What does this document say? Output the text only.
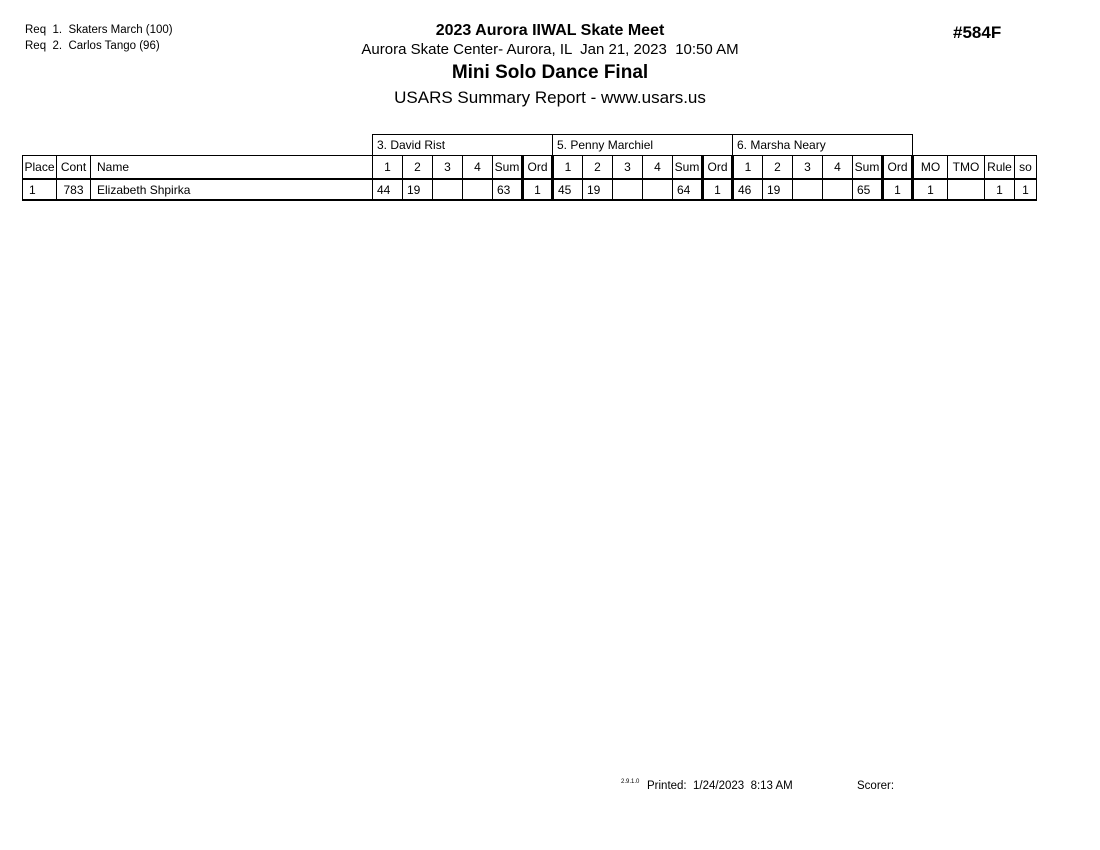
Req  1.  Skaters March (100)
Req  2.  Carlos Tango (96)
2023 Aurora IIWAL Skate Meet
Aurora Skate Center- Aurora, IL  Jan 21, 2023  10:50 AM
Mini Solo Dance Final
USARS Summary Report - www.usars.us
#584F
			3. David Rist						5. Penny Marchiel						6. Marsha Neary									
Place	Cont	Name	1	2	3	4	Sum	Ord	1	2	3	4	Sum	Ord	1	2	3	4	Sum	Ord	MO	TMO	Rule	so
1	783	Elizabeth Shpirka	44	19			63	1	45	19			64	1	46	19			65	1	1		1	1
2.9.1.0 Printed:  1/24/2023  8:13 AM	Scorer:
